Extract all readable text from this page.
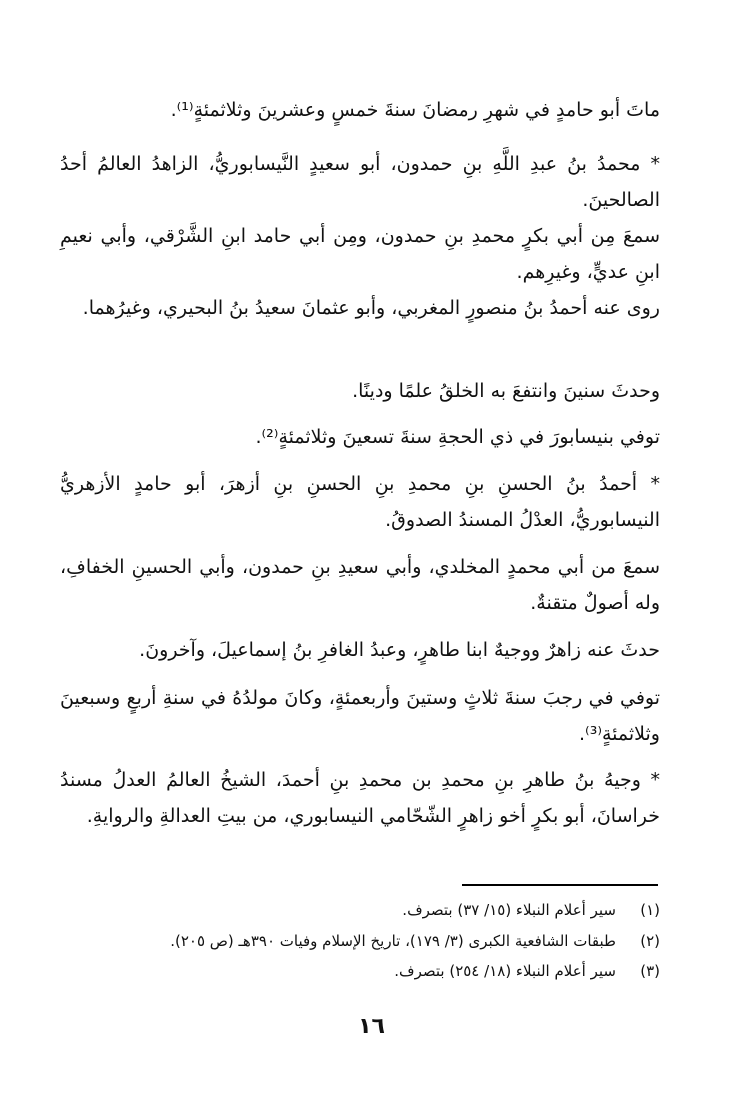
ماتَ أبو حامدٍ في شهرِ رمضانَ سنةَ خمسٍ وعشرينَ وثلاثمئةٍ⁽¹⁾.

* محمدُ بنُ عبدِ اللَّهِ بنِ حمدون، أبو سعيدٍ النَّيسابوريُّ، الزاهدُ العالمُ أحدُ الصالحينَ.

سمعَ مِن أبي بكرٍ محمدِ بنِ حمدون، ومِن أبي حامد ابنِ الشَّرْقي، وأبي نعيمِ ابنِ عديٍّ، وغيرِهم.

روى عنه أحمدُ بنُ منصورٍ المغربي، وأبو عثمانَ سعيدُ بنُ البحيري، وغيرُهما.

وحدثَ سنينَ وانتفعَ به الخلقُ علمًا ودينًا.

توفي بنيسابورَ في ذي الحجةِ سنةَ تسعينَ وثلاثمئةٍ⁽²⁾.

* أحمدُ بنُ الحسنِ بنِ محمدِ بنِ الحسنِ بنِ أزهرَ، أبو حامدٍ الأزهريُّ النيسابوريُّ، العدْلُ المسندُ الصدوقُ.

سمعَ من أبي محمدٍ المخلدي، وأبي سعيدِ بنِ حمدون، وأبي الحسينِ الخفافِ، وله أصولٌ متقنةٌ.

حدثَ عنه زاهرٌ ووجيهٌ ابنا طاهرٍ، وعبدُ الغافرِ بنُ إسماعيلَ، وآخرونَ.

توفي في رجبَ سنةَ ثلاثٍ وستينَ وأربعمئةٍ، وكانَ مولدُهُ في سنةِ أربعٍ وسبعينَ وثلاثمئةٍ⁽³⁾.

* وجيهُ بنُ طاهرِ بنِ محمدِ بن محمدِ بنِ أحمدَ، الشيخُ العالمُ العدلُ مسندُ خراسانَ، أبو بكرٍ أخو زاهرٍ الشّحّامي النيسابوري، من بيتِ العدالةِ والروايةِ.

(١)سير أعلام النبلاء (١٥/ ٣٧) بتصرف.
(٢)طبقات الشافعية الكبرى (٣/ ١٧٩)، تاريخ الإسلام وفيات ٣٩٠هـ (ص ٢٠٥).
(٣)سير أعلام النبلاء (١٨/ ٢٥٤) بتصرف.
١٦
